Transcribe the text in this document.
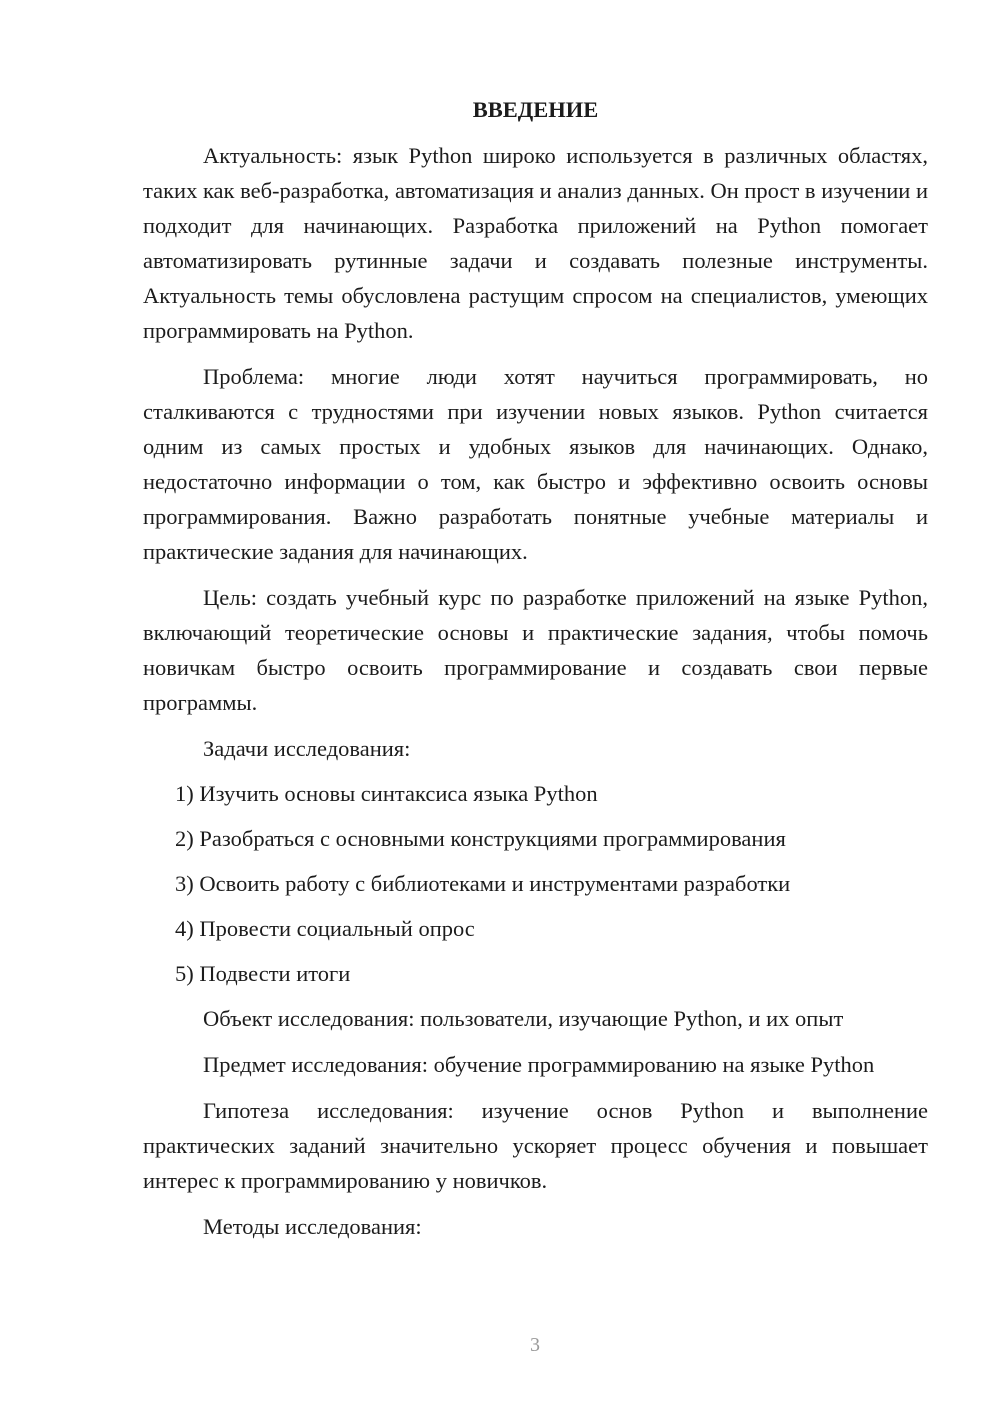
ВВЕДЕНИЕ

Актуальность: язык Python широко используется в различных областях, таких как веб-разработка, автоматизация и анализ данных. Он прост в изучении и подходит для начинающих. Разработка приложений на Python помогает автоматизировать рутинные задачи и создавать полезные инструменты. Актуальность темы обусловлена растущим спросом на специалистов, умеющих программировать на Python.

Проблема: многие люди хотят научиться программировать, но сталкиваются с трудностями при изучении новых языков. Python считается одним из самых простых и удобных языков для начинающих. Однако, недостаточно информации о том, как быстро и эффективно освоить основы программирования. Важно разработать понятные учебные материалы и практические задания для начинающих.

Цель: создать учебный курс по разработке приложений на языке Python, включающий теоретические основы и практические задания, чтобы помочь новичкам быстро освоить программирование и создавать свои первые программы.

Задачи исследования:

1) Изучить основы синтаксиса языка Python
2) Разобраться с основными конструкциями программирования
3) Освоить работу с библиотеками и инструментами разработки
4) Провести социальный опрос
5) Подвести итоги

Объект исследования: пользователи, изучающие Python, и их опыт

Предмет исследования: обучение программированию на языке Python

Гипотеза исследования: изучение основ Python и выполнение практических заданий значительно ускоряет процесс обучения и повышает интерес к программированию у новичков.

Методы исследования:

3
